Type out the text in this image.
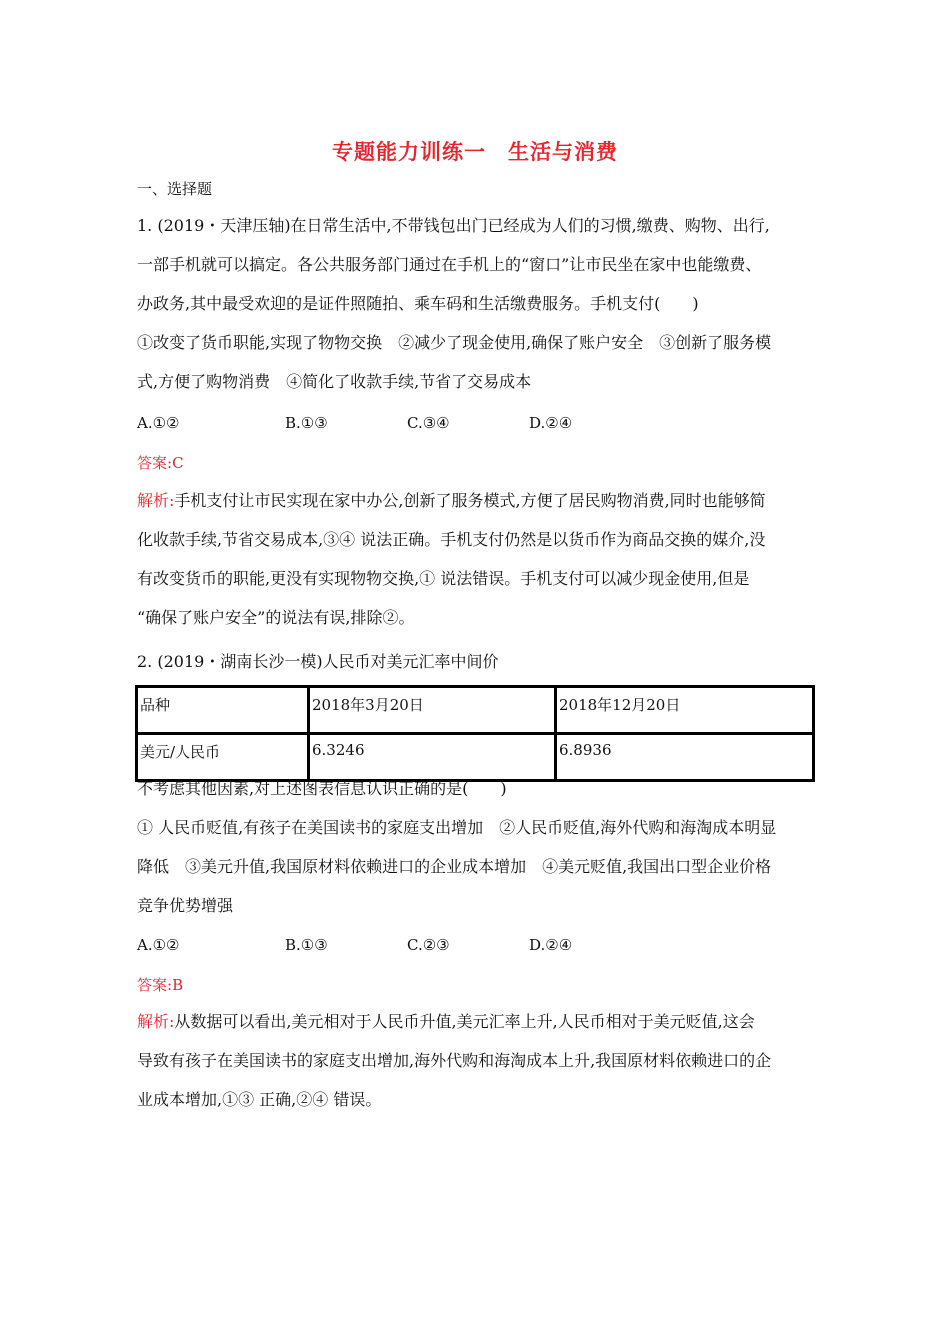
专题能力训练一　生活与消费
一、选择题
1. (2019・天津压轴)在日常生活中,不带钱包出门已经成为人们的习惯,缴费、购物、出行,
一部手机就可以搞定。各公共服务部门通过在手机上的“窗口”让市民坐在家中也能缴费、
办政务,其中最受欢迎的是证件照随拍、乘车码和生活缴费服务。手机支付(　　)
①改变了货币职能,实现了物物交换　②减少了现金使用,确保了账户安全　③创新了服务模
式,方便了购物消费　④简化了收款手续,节省了交易成本
A.①②	B.①③	C.③④	D.②④
答案:C
解析:手机支付让市民实现在家中办公,创新了服务模式,方便了居民购物消费,同时也能够简
化收款手续,节省交易成本,③④ 说法正确。手机支付仍然是以货币作为商品交换的媒介,没
有改变货币的职能,更没有实现物物交换,① 说法错误。手机支付可以减少现金使用,但是
“确保了账户安全”的说法有误,排除②。
2. (2019・湖南长沙一模)人民币对美元汇率中间价
品种	2018年3月20日	2018年12月20日
美元/人民币	6.3246	6.8936
不考虑其他因素,对上述图表信息认识正确的是(　　)
① 人民币贬值,有孩子在美国读书的家庭支出增加　②人民币贬值,海外代购和海淘成本明显
降低　③美元升值,我国原材料依赖进口的企业成本增加　④美元贬值,我国出口型企业价格
竞争优势增强
A.①②	B.①③	C.②③	D.②④
答案:B
解析:从数据可以看出,美元相对于人民币升值,美元汇率上升,人民币相对于美元贬值,这会
导致有孩子在美国读书的家庭支出增加,海外代购和海淘成本上升,我国原材料依赖进口的企
业成本增加,①③ 正确,②④ 错误。
